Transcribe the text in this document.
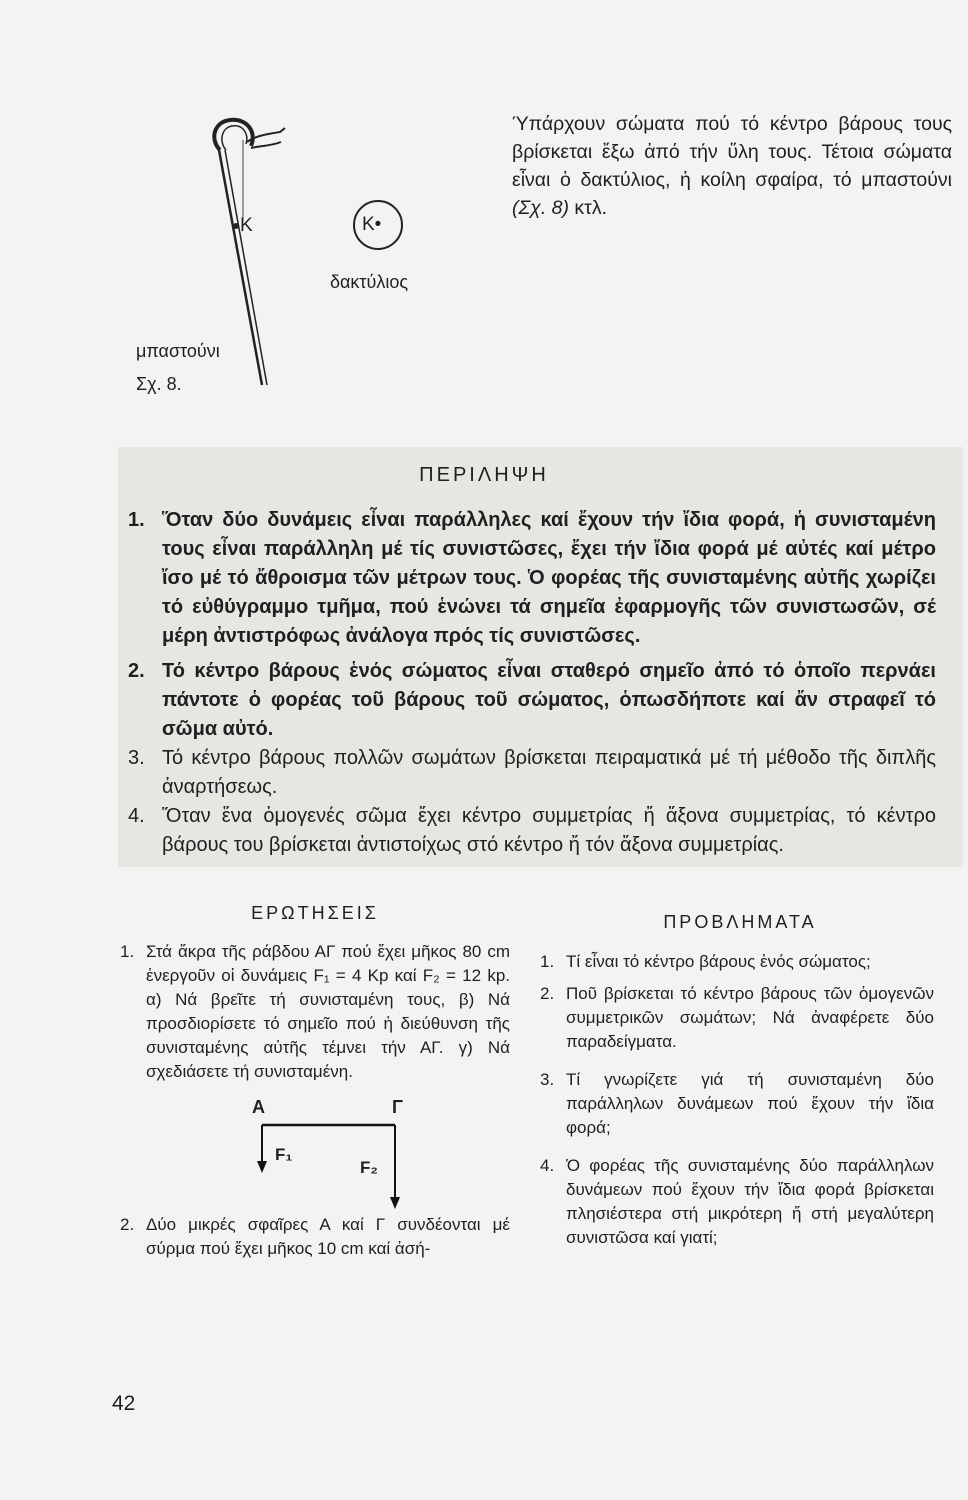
Ύπάρχουν σώματα πού τό κέντρο βάρους τους βρίσκεται ἔξω ἀπό τήν ὕλη τους. Τέτοια σώματα εἶναι ὁ δακτύλιος, ἡ κοίλη σφαίρα, τό μπαστούνι (Σχ. 8) κτλ.
K	K•
δακτύλιος
μπαστούνι
Σχ. 8.
ΠΕΡΙΛΗΨΗ
1. Ὅταν δύο δυνάμεις εἶναι παράλληλες καί ἔχουν τήν ἴδια φορά, ἡ συνισταμένη τους εἶναι παράλληλη μέ τίς συνιστῶσες, ἔχει τήν ἴδια φορά μέ αὐτές καί μέτρο ἴσο μέ τό ἄθροισμα τῶν μέτρων τους. Ὁ φορέας τῆς συνισταμένης αὐτῆς χωρίζει τό εὐθύγραμμο τμῆμα, πού ἑνώνει τά σημεῖα ἐφαρμογῆς τῶν συνιστωσῶν, σέ μέρη ἀντιστρόφως ἀνάλογα πρός τίς συνιστῶσες.
2. Τό κέντρο βάρους ἑνός σώματος εἶναι σταθερό σημεῖο ἀπό τό ὁποῖο περνάει πάντοτε ὁ φορέας τοῦ βάρους τοῦ σώματος, ὁπωσδήποτε καί ἄν στραφεῖ τό σῶμα αὐτό.
3. Τό κέντρο βάρους πολλῶν σωμάτων βρίσκεται πειραματικά μέ τή μέθοδο τῆς διπλῆς ἀναρτήσεως.
4. Ὅταν ἕνα ὁμογενές σῶμα ἔχει κέντρο συμμετρίας ἤ ἄξονα συμμετρίας, τό κέντρο βάρους του βρίσκεται ἀντιστοίχως στό κέντρο ἤ τόν ἄξονα συμμετρίας.
ΕΡΩΤΗΣΕΙΣ
1. Στά ἄκρα τῆς ράβδου ΑΓ πού ἔχει μῆκος 80 cm ἐνεργοῦν οἱ δυνάμεις F₁ = 4 Kp καί F₂ = 12 kp. α) Νά βρεῖτε τή συνισταμένη τους, β) Νά προσδιορίσετε τό σημεῖο πού ἡ διεύθυνση τῆς συνισταμένης αὐτῆς τέμνει τήν ΑΓ. γ) Νά σχεδιάσετε τή συνισταμένη.
A	Γ
F₁
F₂
2. Δύο μικρές σφαῖρες Α καί Γ συνδέονται μέ σύρμα πού ἔχει μῆκος 10 cm καί ἀσή-
ΠΡΟΒΛΗΜΑΤΑ
1. Τί εἶναι τό κέντρο βάρους ἑνός σώματος;
2. Ποῦ βρίσκεται τό κέντρο βάρους τῶν ὁμογενῶν συμμετρικῶν σωμάτων; Νά ἀναφέρετε δύο παραδείγματα.
3. Τί γνωρίζετε γιά τή συνισταμένη δύο παράλληλων δυνάμεων πού ἔχουν τήν ἴδια φορά;
4. Ὁ φορέας τῆς συνισταμένης δύο παράλληλων δυνάμεων πού ἔχουν τήν ἴδια φορά βρίσκεται πλησιέστερα στή μικρότερη ἤ στή μεγαλύτερη συνιστῶσα καί γιατί;
42
